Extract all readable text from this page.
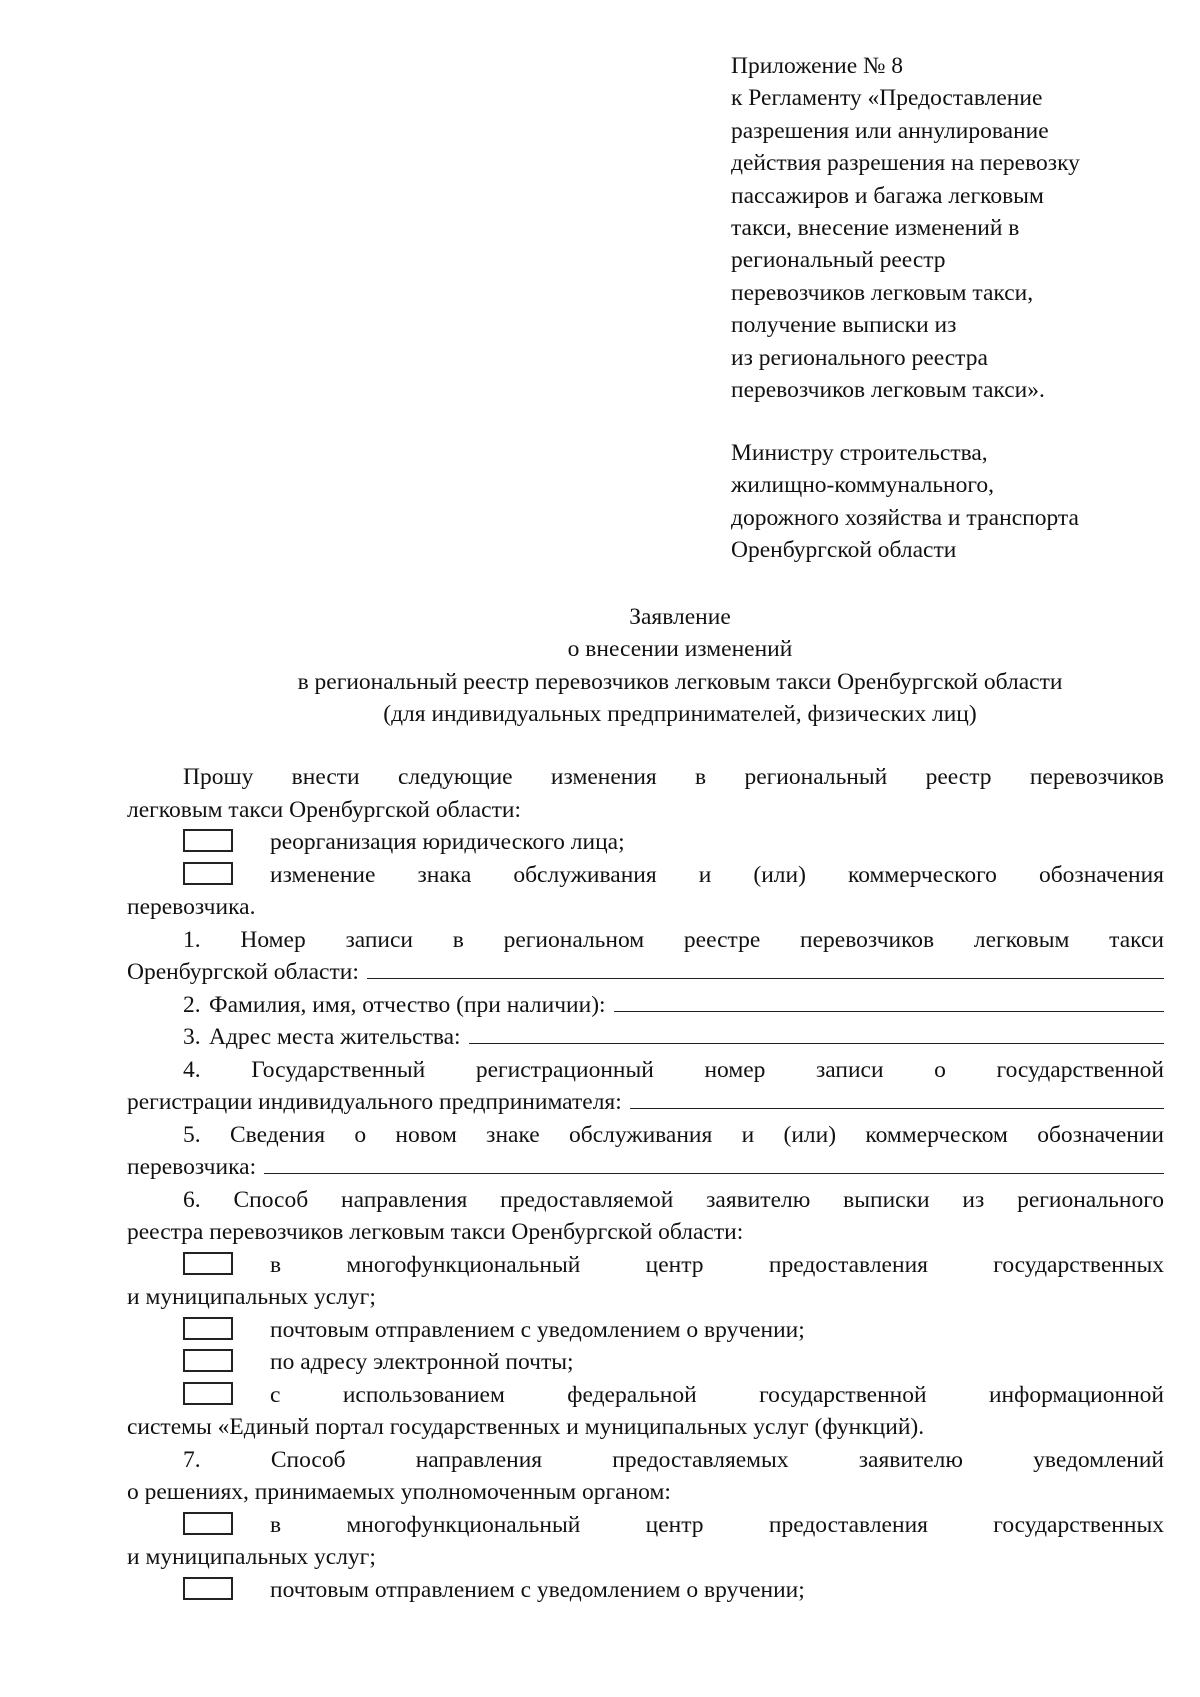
Приложение № 8
к Регламенту «Предоставление
разрешения или аннулирование
действия разрешения на перевозку
пассажиров и багажа легковым
такси, внесение изменений в
региональный реестр
перевозчиков легковым такси,
получение выписки из
из регионального реестра
перевозчиков легковым такси».
Министру строительства,
жилищно-коммунального,
дорожного хозяйства и транспорта
Оренбургской области
Заявление
о внесении изменений
в региональный реестр перевозчиков легковым такси Оренбургской области
(для индивидуальных предпринимателей, физических лиц)
Прошу внести следующие изменения в региональный реестр перевозчиков
легковым такси Оренбургской области:
реорганизация юридического лица;
изменение знака обслуживания и (или) коммерческого обозначения
перевозчика.
1. Номер записи в региональном реестре перевозчиков легковым такси
Оренбургской области:
2. Фамилия, имя, отчество (при наличии):
3. Адрес места жительства:
4. Государственный регистрационный номер записи о государственной
регистрации индивидуального предпринимателя:
5. Сведения о новом знаке обслуживания и (или) коммерческом обозначении
перевозчика:
6. Способ направления предоставляемой заявителю выписки из регионального
реестра перевозчиков легковым такси Оренбургской области:
в многофункциональный центр предоставления государственных
и муниципальных услуг;
почтовым отправлением с уведомлением о вручении;
по адресу электронной почты;
с использованием федеральной государственной информационной
системы «Единый портал государственных и муниципальных услуг (функций).
7.	Способ направления предоставляемых заявителю уведомлений
о решениях, принимаемых уполномоченным органом:
в многофункциональный центр предоставления государственных
и муниципальных услуг;
почтовым отправлением с уведомлением о вручении;
